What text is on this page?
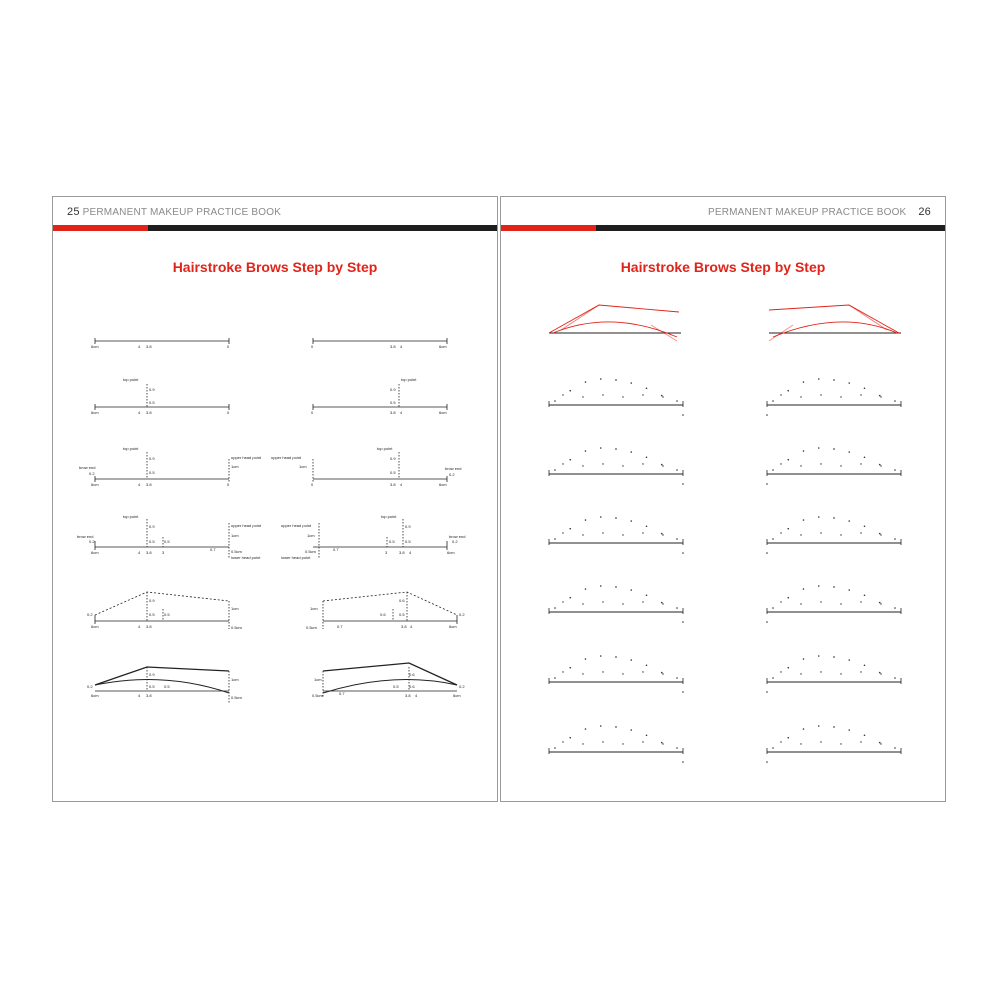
25 PERMANENT MAKEUP PRACTICE BOOK
Hairstroke Brows Step by Step
6cm	4 3.8	0	0	3.8 4	6cm
top point
0.9
0.5
6cm	4 3.8	0
top point
0.9
0.5
0	3.8 4	6cm
top point
0.9
0.5
brow end
0.2
upper head point
1cm
6cm	4 3.8	0
top point
0.9
0.5
brow end
0.2
upper head point
1cm
0	3.8 4	6cm
top point
0.9
0.5 0.5
brow end
0.2
upper head point
1cm
0.5cm
lower head point
6cm	4 3.8	3
0.7
top point
0.9
0.5
0.5
brow end
0.2
upper head point
1cm
0.5cm
lower head point
0.7
3	3.8 4	6cm
0.9
0.5 0.5
0.2
1cm
0.5cm
6cm	4 3.8
0.6
0.6	0.5	0.2
1cm
0.5cm	0.7	3.8 4	6cm
0.9
0.5 0.5
0.2
1cm
0.5cm
6cm	4 3.8
0.6
0.5	0.6	0.2
1cm
0.5cm	0.7	3.8 4	6cm
PERMANENT MAKEUP PRACTICE BOOK 26
Hairstroke Brows Step by Step
